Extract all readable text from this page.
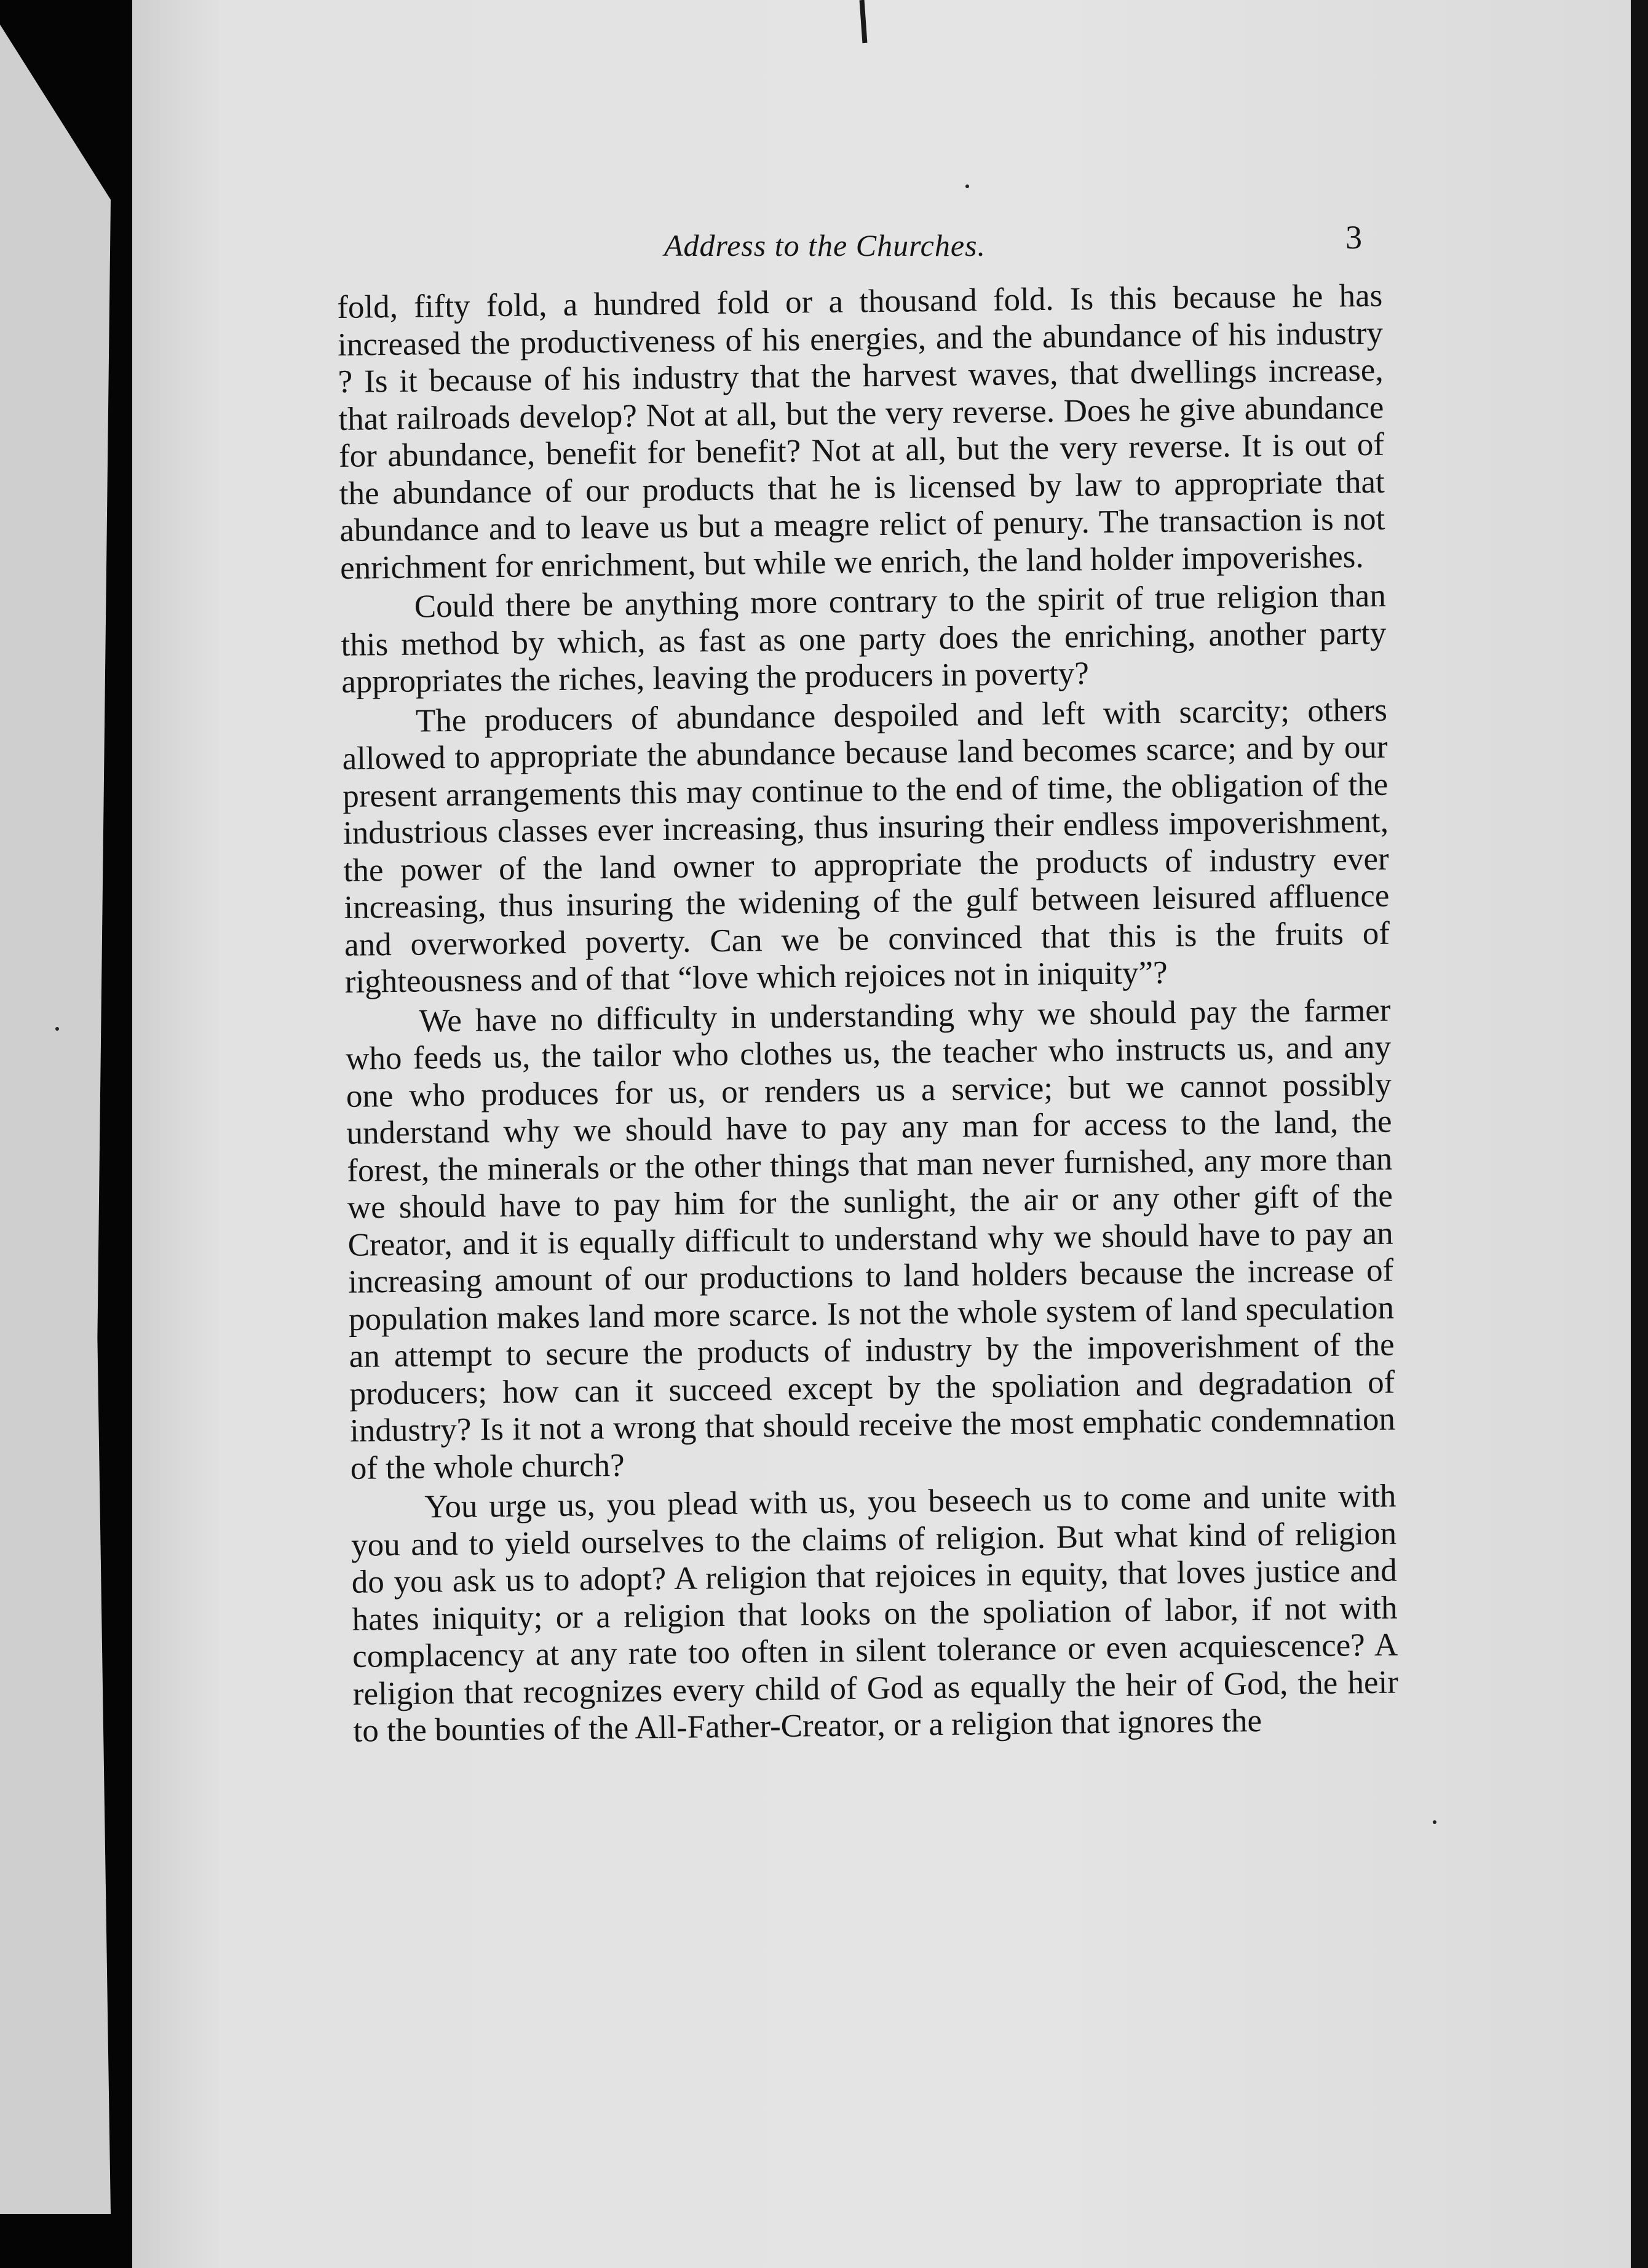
Address to the Churches.	3

fold, fifty fold, a hundred fold or a thousand fold. Is this because he has increased the productiveness of his energies, and the abundance of his industry ? Is it because of his industry that the harvest waves, that dwellings increase, that railroads develop? Not at all, but the very reverse. Does he give abundance for abundance, benefit for benefit? Not at all, but the very reverse. It is out of the abundance of our products that he is licensed by law to appropriate that abundance and to leave us but a meagre relict of penury. The transaction is not enrichment for enrichment, but while we enrich, the land holder impoverishes.

Could there be anything more contrary to the spirit of true religion than this method by which, as fast as one party does the enriching, another party appropriates the riches, leaving the producers in poverty?

The producers of abundance despoiled and left with scarcity; others allowed to appropriate the abundance because land becomes scarce; and by our present arrangements this may continue to the end of time, the obligation of the industrious classes ever increasing, thus insuring their endless impoverishment, the power of the land owner to appropriate the products of industry ever increasing, thus insuring the widening of the gulf between leisured affluence and overworked poverty. Can we be convinced that this is the fruits of righteousness and of that “love which rejoices not in iniquity”?

We have no difficulty in understanding why we should pay the farmer who feeds us, the tailor who clothes us, the teacher who instructs us, and any one who produces for us, or renders us a service; but we cannot possibly understand why we should have to pay any man for access to the land, the forest, the minerals or the other things that man never furnished, any more than we should have to pay him for the sunlight, the air or any other gift of the Creator, and it is equally difficult to understand why we should have to pay an increasing amount of our productions to land holders because the increase of population makes land more scarce. Is not the whole system of land speculation an attempt to secure the products of industry by the impoverishment of the producers; how can it succeed except by the spoliation and degradation of industry? Is it not a wrong that should receive the most emphatic condemnation of the whole church?

You urge us, you plead with us, you beseech us to come and unite with you and to yield ourselves to the claims of religion. But what kind of religion do you ask us to adopt? A religion that rejoices in equity, that loves justice and hates iniquity; or a religion that looks on the spoliation of labor, if not with complacency at any rate too often in silent tolerance or even acquiescence? A religion that recognizes every child of God as equally the heir of God, the heir to the bounties of the All-Father-Creator, or a religion that ignores the
